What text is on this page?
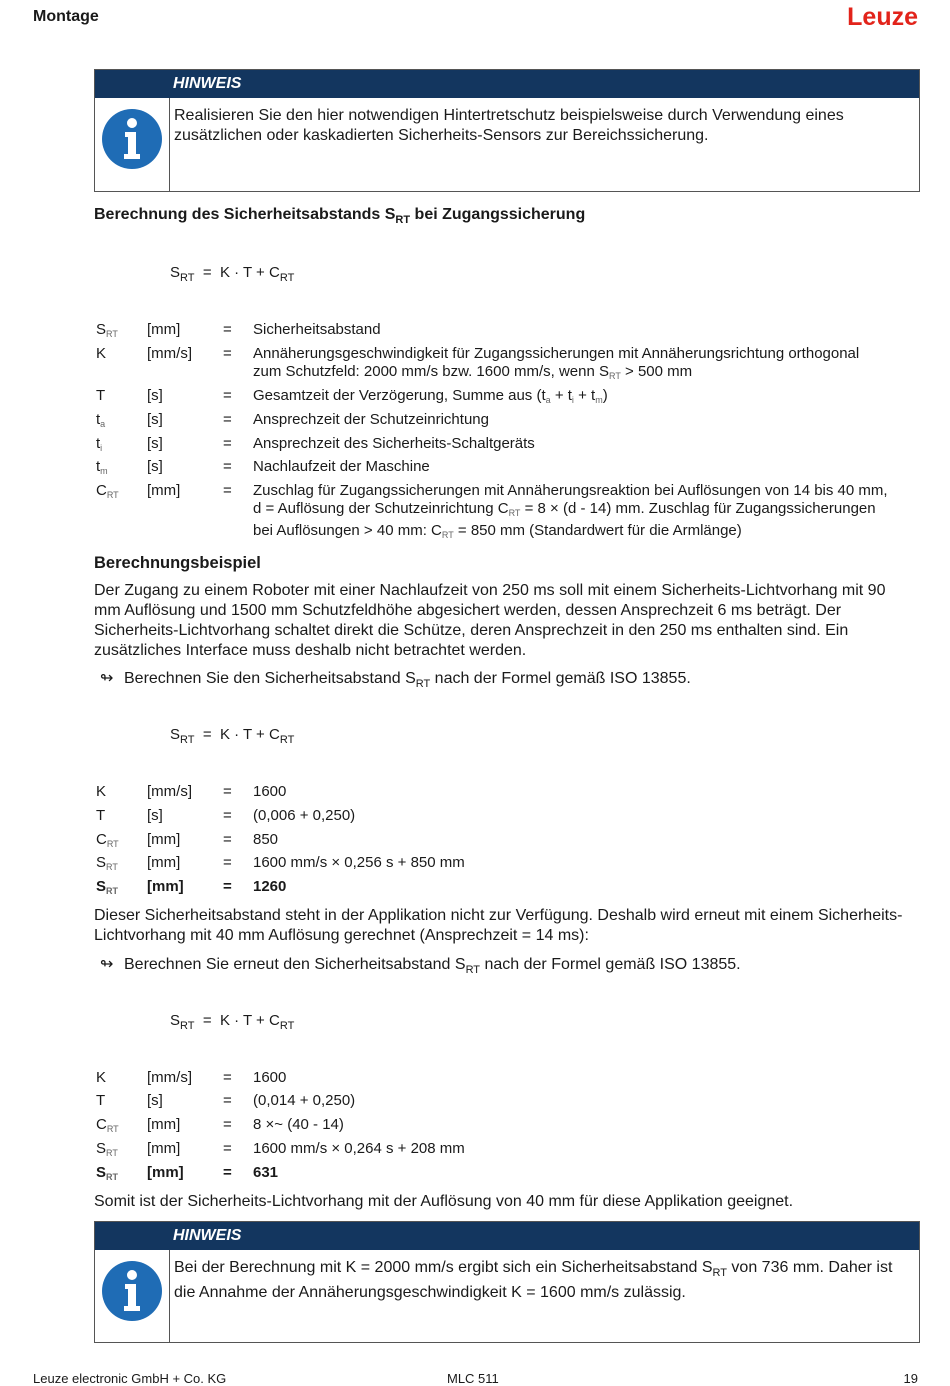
Montage	Leuze
HINWEIS
Realisieren Sie den hier notwendigen Hintertretschutz beispielsweise durch Verwendung eines zusätzlichen oder kaskadierten Sicherheits-Sensors zur Bereichssicherung.
Berechnung des Sicherheitsabstands $S_{RT}$ bei Zugangssicherung
$S_{RT} = K \cdot T + C_{RT}$
$S_{RT}$ [mm]	= Sicherheitsabstand
K	[mm/s] = Annäherungsgeschwindigkeit für Zugangssicherungen mit Annäherungsrichtung orthogonal
zum Schutzfeld: 2000 mm/s bzw. 1600 mm/s, wenn $S_{RT} > 500$ mm
T	[s]	= Gesamtzeit der Verzögerung, Summe aus $(t_a + t_i + t_m)$
$t_a$	[s]	= Ansprechzeit der Schutzeinrichtung
$t_i$	[s]	= Ansprechzeit des Sicherheits-Schaltgeräts
$t_m$	[s]	= Nachlaufzeit der Maschine
$C_{RT}$ [mm]	= Zuschlag für Zugangssicherungen mit Annäherungsreaktion bei Auflösungen von 14 bis 40 mm,
d = Auflösung der Schutzeinrichtung $C_{RT} = 8 \times (d - 14)$ mm. Zuschlag für Zugangssicherungen
bei Auflösungen > 40 mm: $C_{RT} = 850$ mm (Standardwert für die Armlänge)
Berechnungsbeispiel
Der Zugang zu einem Roboter mit einer Nachlaufzeit von 250 ms soll mit einem Sicherheits-Lichtvorhang mit 90 mm Auflösung und 1500 mm Schutzfeldhöhe abgesichert werden, dessen Ansprechzeit 6 ms beträgt. Der Sicherheits-Lichtvorhang schaltet direkt die Schütze, deren Ansprechzeit in den 250 ms enthalten sind. Ein zusätzliches Interface muss deshalb nicht betrachtet werden.
↬ Berechnen Sie den Sicherheitsabstand $S_{RT}$ nach der Formel gemäß ISO 13855.
$S_{RT} = K \cdot T + C_{RT}$
K	[mm/s] = 1600
T	[s]	= (0,006 + 0,250)
$C_{RT}$ [mm]	= 850
$S_{RT}$ [mm]	= 1600 mm/s × 0,256 s + 850 mm
$S_{RT}$ [mm]	= 1260
Dieser Sicherheitsabstand steht in der Applikation nicht zur Verfügung. Deshalb wird erneut mit einem Sicherheits-Lichtvorhang mit 40 mm Auflösung gerechnet (Ansprechzeit = 14 ms):
↬ Berechnen Sie erneut den Sicherheitsabstand $S_{RT}$ nach der Formel gemäß ISO 13855.
$S_{RT} = K \cdot T + C_{RT}$
K	[mm/s] = 1600
T	[s]	= (0,014 + 0,250)
$C_{RT}$ [mm]	= 8 ×~ (40 - 14)
$S_{RT}$ [mm]	= 1600 mm/s × 0,264 s + 208 mm
$S_{RT}$ [mm]	= 631
Somit ist der Sicherheits-Lichtvorhang mit der Auflösung von 40 mm für diese Applikation geeignet.
HINWEIS
Bei der Berechnung mit K = 2000 mm/s ergibt sich ein Sicherheitsabstand $S_{RT}$ von 736 mm. Daher ist die Annahme der Annäherungsgeschwindigkeit K = 1600 mm/s zulässig.
Leuze electronic GmbH + Co. KG	MLC 511	19
